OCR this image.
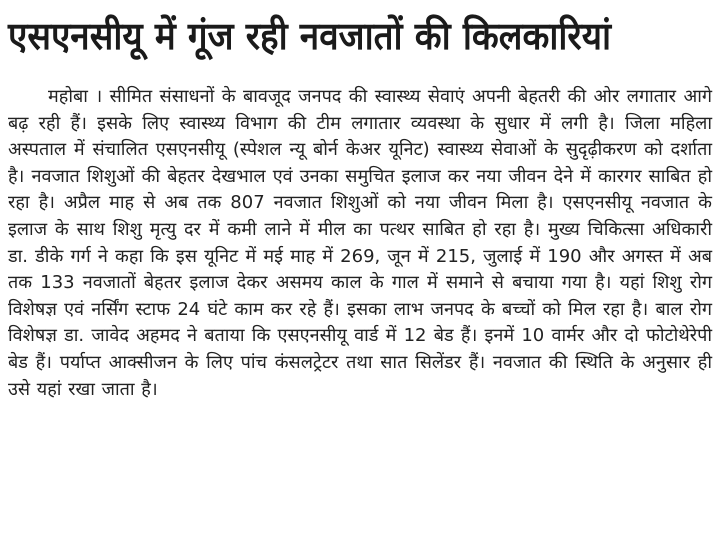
एसएनसीयू में गूंज रही नवजातों की किलकारियां

महोबा । सीमित संसाधनों के बावजूद जनपद की स्वास्थ्य सेवाएं अपनी बेहतरी की ओर लगातार आगे बढ़ रही हैं। इसके लिए स्वास्थ्य विभाग की टीम लगातार व्यवस्था के सुधार में लगी है। जिला महिला अस्पताल में संचालित एसएनसीयू (स्पेशल न्यू बोर्न केअर यूनिट) स्वास्थ्य सेवाओं के सुदृढ़ीकरण को दर्शाता है। नवजात शिशुओं की बेहतर देखभाल एवं उनका समुचित इलाज कर नया जीवन देने में कारगर साबित हो रहा है। अप्रैल माह से अब तक 807 नवजात शिशुओं को नया जीवन मिला है। एसएनसीयू नवजात के इलाज के साथ शिशु मृत्यु दर में कमी लाने में मील का पत्थर साबित हो रहा है। मुख्य चिकित्सा अधिकारी डा. डीके गर्ग ने कहा कि इस यूनिट में मई माह में 269, जून में 215, जुलाई में 190 और अगस्त में अब तक 133 नवजातों बेहतर इलाज देकर असमय काल के गाल में समाने से बचाया गया है। यहां शिशु रोग विशेषज्ञ एवं नर्सिंग स्टाफ 24 घंटे काम कर रहे हैं। इसका लाभ जनपद के बच्चों को मिल रहा है। बाल रोग विशेषज्ञ डा. जावेद अहमद ने बताया कि एसएनसीयू वार्ड में 12 बेड हैं। इनमें 10 वार्मर और दो फोटोथेरेपी बेड हैं। पर्याप्त आक्सीजन के लिए पांच कंसलट्रेटर तथा सात सिलेंडर हैं। नवजात की स्थिति के अनुसार ही उसे यहां रखा जाता है।
